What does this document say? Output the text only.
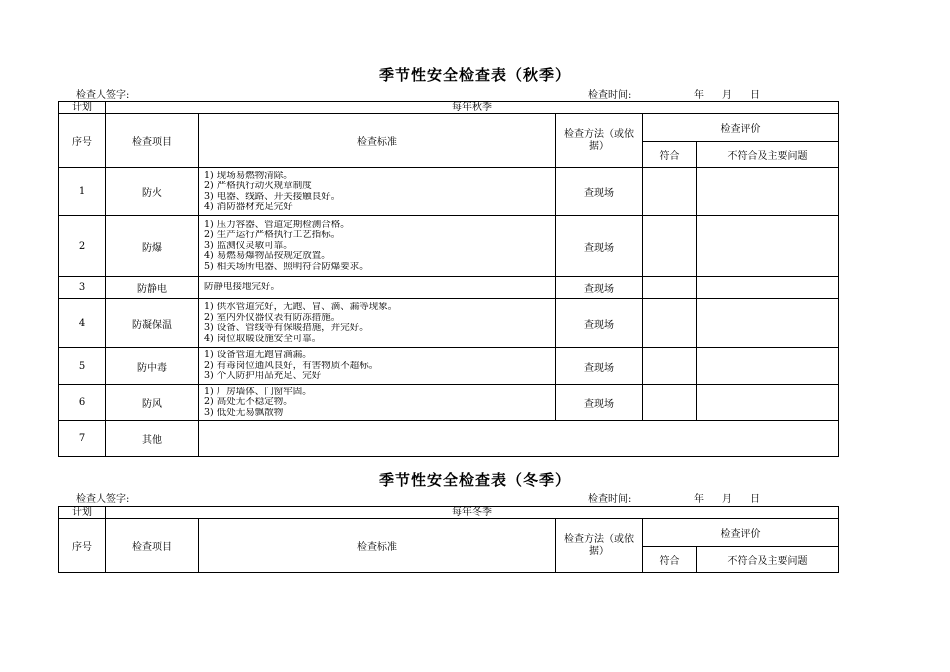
季节性安全检查表（秋季）
检查人签字:	检查时间:	年 月 日
计划	每年秋季				
序号	检查项目	检查标准	检查方法（或依据）	检查评价	
				符合	不符合及主要问题
1	防火	1) 现场易燃物清除。
2) 严格执行动火规章制度
3) 电器、线路、开关接触良好。
4) 消防器材充足完好	查现场		
2	防爆	1) 压力容器、管道定期检测合格。
2) 生产运行严格执行工艺指标。
3) 监测仪灵敏可靠。
4) 易燃易爆物品按规定放置。
5) 相关场所电器、照明符合防爆要求。	查现场		
3	防静电	防静电接地完好。	查现场		
4	防凝保温	1) 供水管道完好，无跑、冒、滴、漏等现象。
2) 室内外仪器仪表有防冻措施。
3) 设备、管线等有保暖措施，并完好。
4) 岗位取暖设施安全可靠。	查现场		
5	防中毒	1) 设备管道无跑冒滴漏。
2) 有毒岗位通风良好，有害物质不超标。
3) 个人防护用品充足、完好	查现场		
6	防风	1) 厂房墙体、门窗牢固。
2) 高处无不稳定物。
3) 低处无易飘散物	查现场		
7	其他				
季节性安全检查表（冬季）
检查人签字:	检查时间:	年 月 日
计划	每年冬季				
序号	检查项目	检查标准	检查方法（或依据）	检查评价	
				符合	不符合及主要问题
